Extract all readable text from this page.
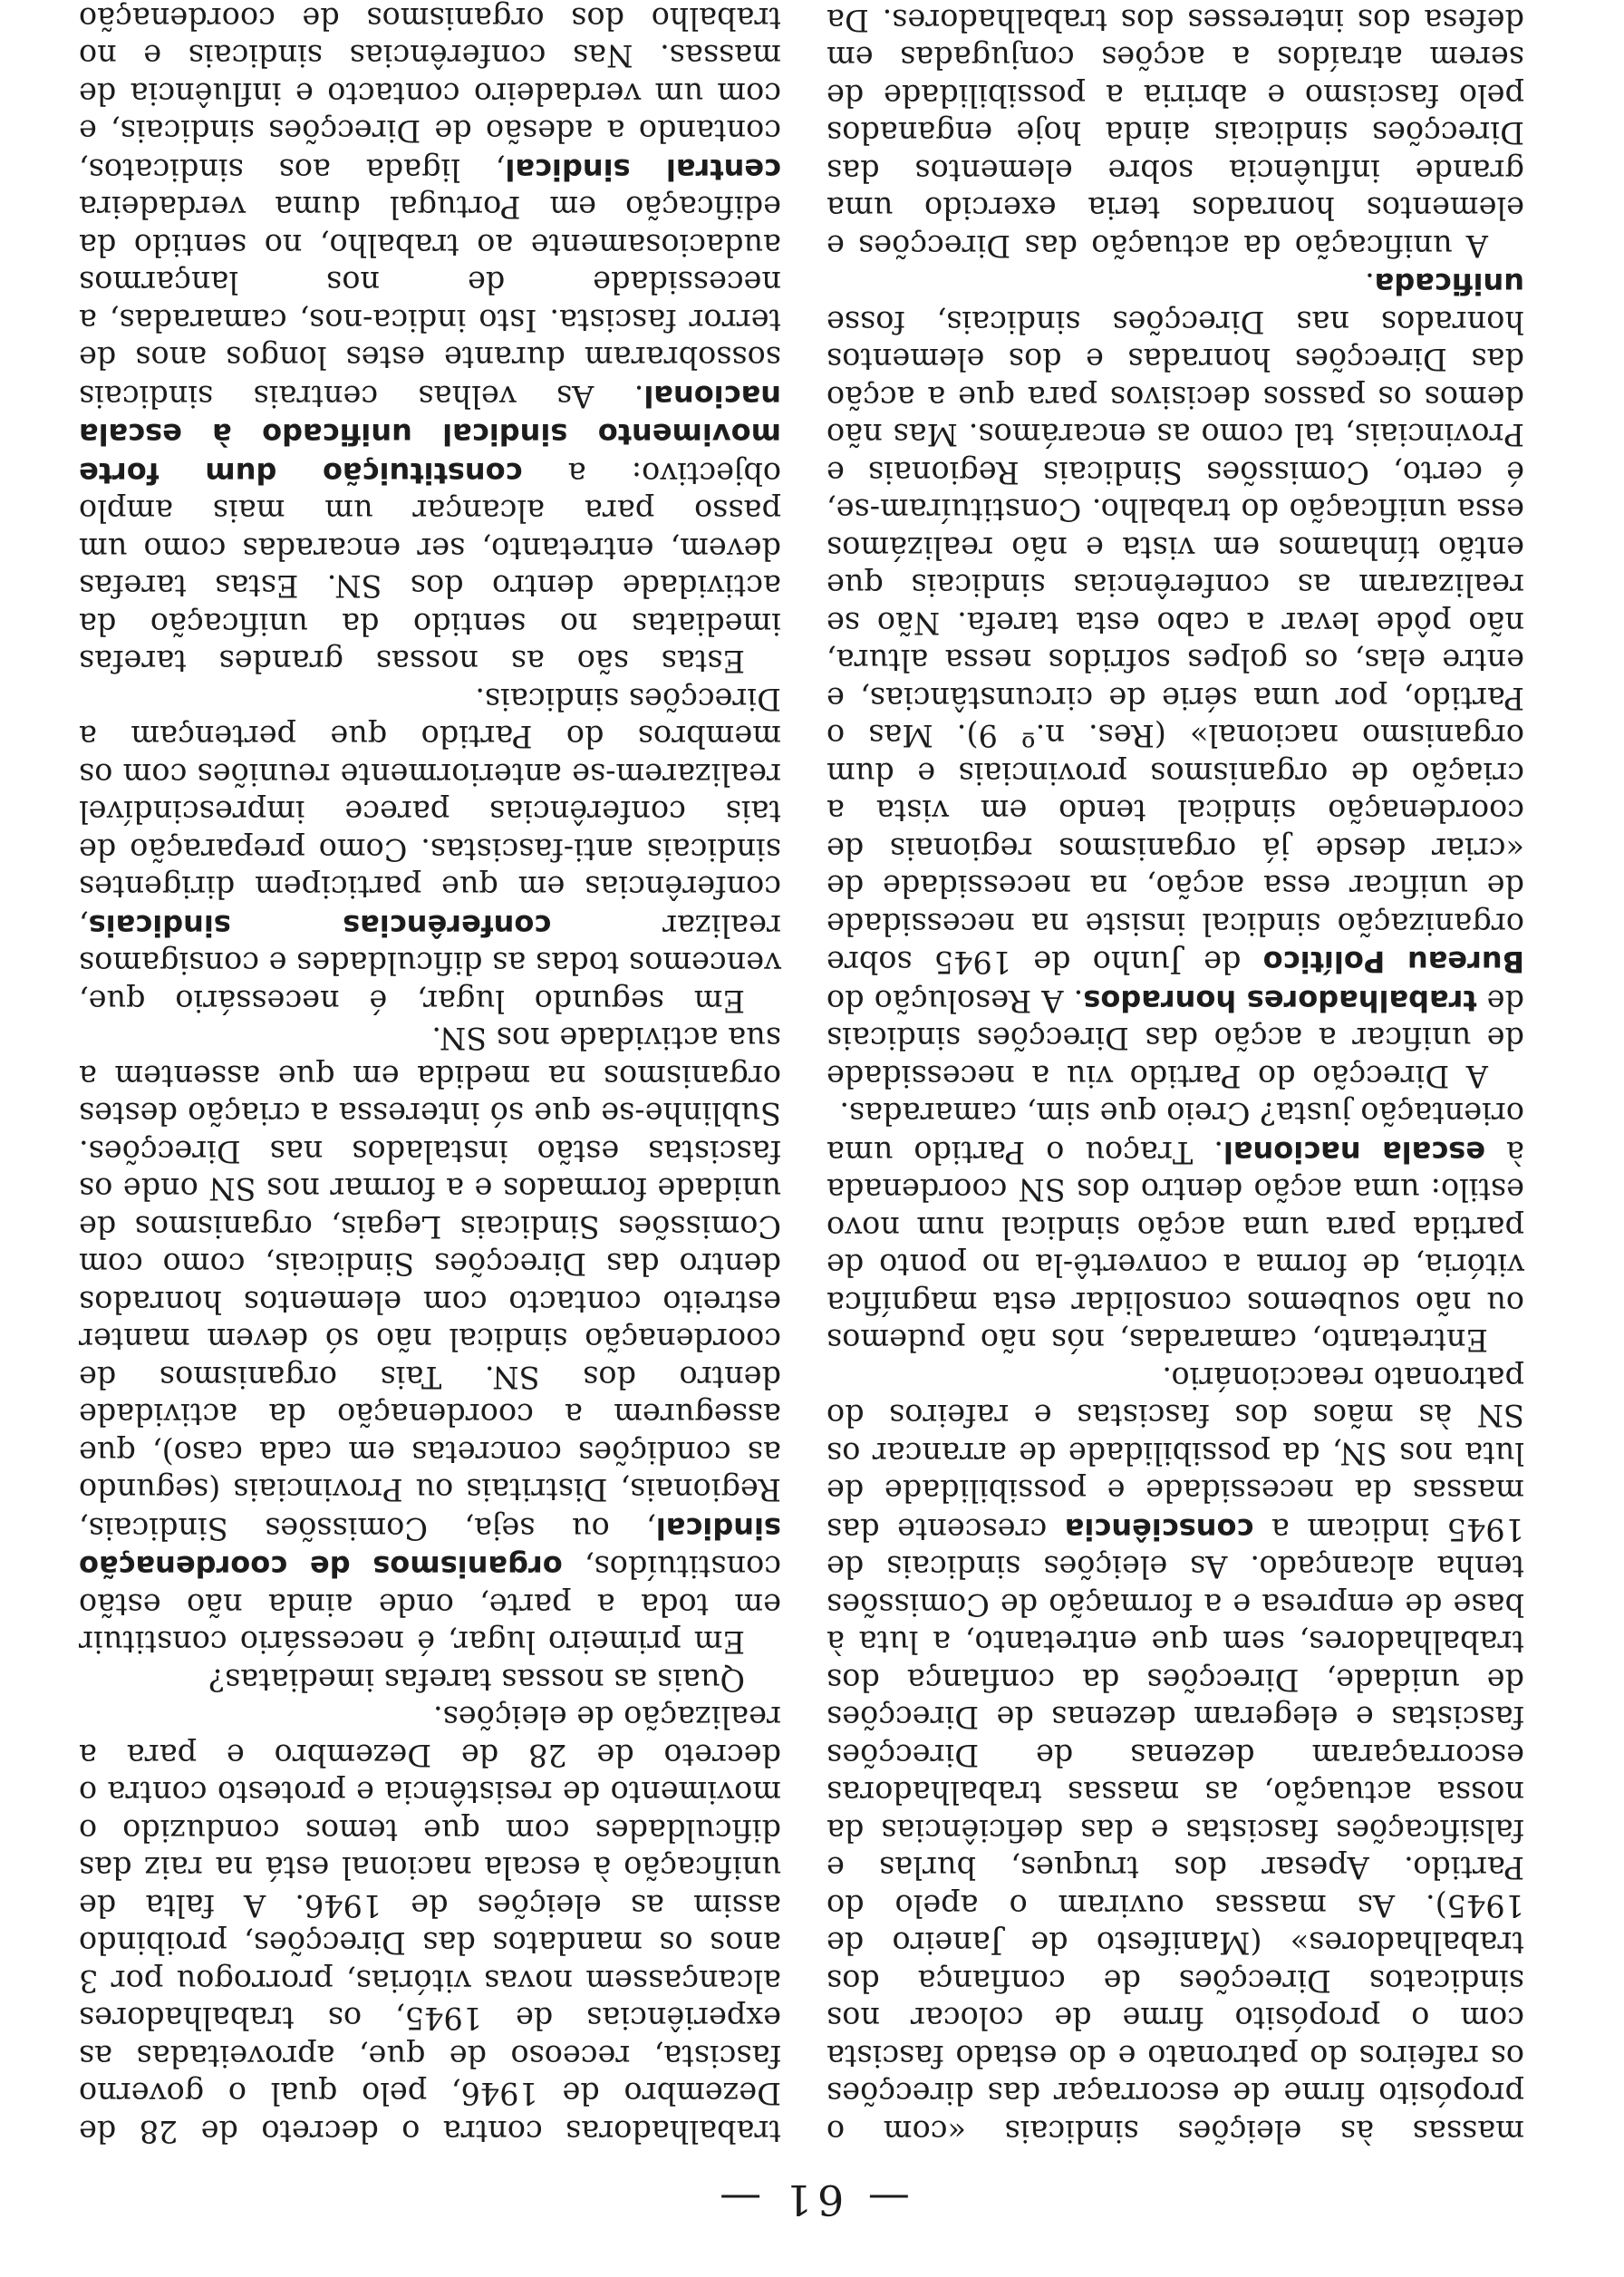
— 61 —

massas às eleições sindicais «com o propósito firme de escorraçar das direcções os rafeiros do patronato e do estado fascista com o propósito firme de colocar nos sindicatos Direcções de confiança dos trabalhadores» (Manifesto de Janeiro de 1945). As massas ouviram o apelo do Partido. Apesar dos truques, burlas e falsificações fascistas e das deficiências da nossa actuação, as massas trabalhadoras escorraçaram dezenas de Direcções fascistas e elegeram dezenas de Direcções de unidade, Direcções da confiança dos trabalhadores, sem que entretanto, a luta à base de empresa e a formação de Comissões tenha alcançado. As eleições sindicais de 1945 indicam a consciência crescente das massas da necessidade e possibilidade de luta nos SN, da possibilidade de arrancar os SN às mãos dos fascistas e rafeiros do patronato reaccionário.

Entretanto, camaradas, nós não pudemos ou não soubemos consolidar esta magnífica vitória, de forma a convertê-la no ponto de partida para uma acção sindical num novo estilo: uma acção dentro dos SN coordenada à escala nacional. Traçou o Partido uma orientação justa? Creio que sim, camaradas.

A Direcção do Partido viu a necessidade de unificar a acção das Direcções sindicais de trabalhadores honrados. A Resolução do Bureau Político de Junho de 1945 sobre organização sindical insiste na necessidade de unificar essa acção, na necessidade de «criar desde já organismos regionais de coordenação sindical tendo em vista a criação de organismos provinciais e dum organismo nacional» (Res. n.º 9). Mas o Partido, por uma série de circunstâncias, e entre elas, os golpes sofridos nessa altura, não pôde levar a cabo esta tarefa. Não se realizaram as conferências sindicais que então tínhamos em vista e não realizámos essa unificação do trabalho. Constituíram-se, é certo, Comissões Sindicais Regionais e Provinciais, tal como as encarámos. Mas não demos os passos decisivos para que a acção das Direcções honradas e dos elementos honrados nas Direcções sindicais, fosse unificada.

A unificação da actuação das Direcções e elementos honrados teria exercido uma grande influência sobre elementos das Direcções sindicais ainda hoje enganados pelo fascismo e abriria a possibilidade de serem atraídos a acções conjugadas em defesa dos interesses dos trabalhadores. Da

trabalhadoras contra o decreto de 28 de Dezembro de 1946, pelo qual o governo fascista, receoso de que, aproveitadas as experiências de 1945, os trabalhadores alcançassem novas vitórias, prorrogou por 3 anos os mandatos das Direcções, proibindo assim as eleições de 1946. A falta de unificação à escala nacional está na raiz das dificuldades com que temos conduzido o movimento de resistência e protesto contra o decreto de 28 de Dezembro e para a realização de eleições.

Quais as nossas tarefas imediatas?

Em primeiro lugar, é necessário constituir em toda a parte, onde ainda não estão constituídos, organismos de coordenação sindical, ou seja, Comissões Sindicais, Regionais, Distritais ou Provinciais (segundo as condições concretas em cada caso), que assegurem a coordenação da actividade dentro dos SN. Tais organismos de coordenação sindical não só devem manter estreito contacto com elementos honrados dentro das Direcções Sindicais, como com Comissões Sindicais Legais, organismos de unidade formados e a formar nos SN onde os fascistas estão instalados nas Direcções. Sublinhe-se que só interessa a criação destes organismos na medida em que assentem a sua actividade nos SN.

Em segundo lugar, é necessário que, vencemos todas as dificuldades e consigamos realizar conferências sindicais, conferências em que participem dirigentes sindicais anti-fascistas. Como preparação de tais conferências parece imprescindível realizarem-se anteriormente reuniões com os membros do Partido que pertençam a Direcções sindicais.

Estas são as nossas grandes tarefas imediatas no sentido da unificação da actividade dentro dos SN. Estas tarefas devem, entretanto, ser encaradas como um passo para alcançar um mais amplo objectivo: a constituição dum forte movimento sindical unificado à escala nacional. As velhas centrais sindicais sossobraram durante estes longos anos de terror fascista. Isto indica-nos, camaradas, a necessidade de nos lançarmos audaciosamente ao trabalho, no sentido da edificação em Portugal duma verdadeira central sindical, ligada aos sindicatos, contando a adesão de Direcções sindicais, e com um verdadeiro contacto e influência de massas. Nas conferências sindicais e no trabalho dos organismos de coordenação
